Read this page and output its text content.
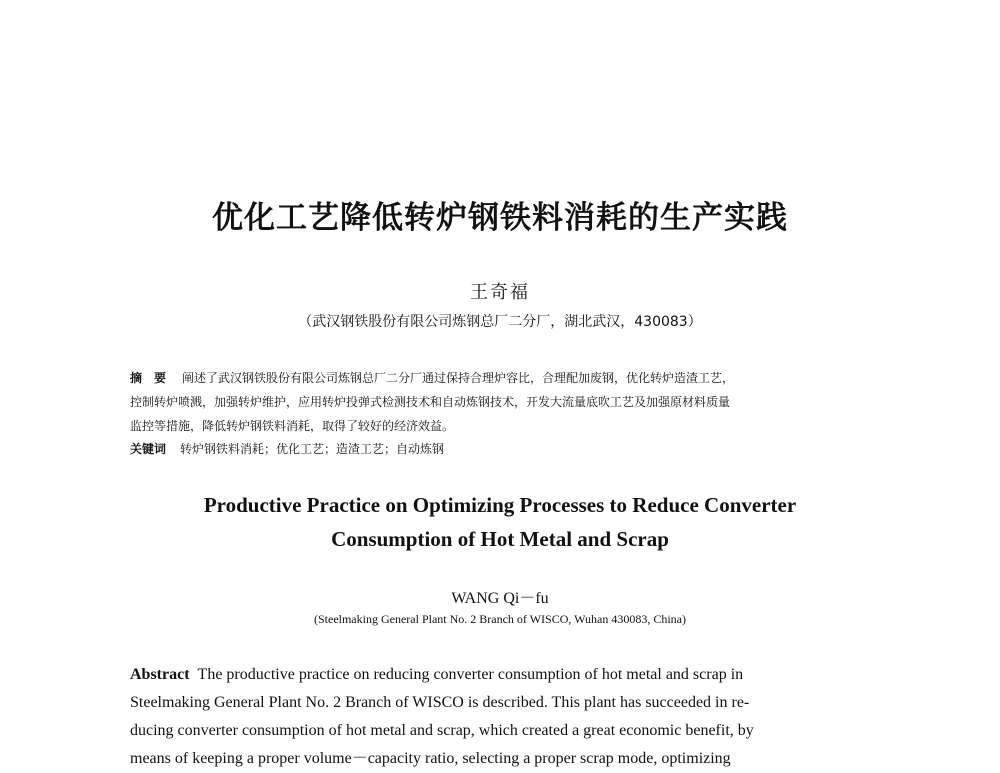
优化工艺降低转炉钢铁料消耗的生产实践
王奇福
（武汉钢铁股份有限公司炼钢总厂二分厂，湖北武汉，430083）
摘　要 阐述了武汉钢铁股份有限公司炼钢总厂二分厂通过保持合理炉容比，合理配加废钢，优化转炉造渣工艺，
控制转炉喷溅，加强转炉维护，应用转炉投弹式检测技术和自动炼钢技术，开发大流量底吹工艺及加强原材料质量
监控等措施，降低转炉钢铁料消耗，取得了较好的经济效益。
关键词 转炉钢铁料消耗；优化工艺；造渣工艺；自动炼钢
Productive Practice on Optimizing Processes to Reduce Converter
Consumption of Hot Metal and Scrap
WANG Qi－fu
(Steelmaking General Plant No. 2 Branch of WISCO, Wuhan 430083, China)
Abstract The productive practice on reducing converter consumption of hot metal and scrap in
Steelmaking General Plant No. 2 Branch of WISCO is described. This plant has succeeded in re-
ducing converter consumption of hot metal and scrap, which created a great economic benefit, by
means of keeping a proper volume－capacity ratio, selecting a proper scrap mode, optimizing
